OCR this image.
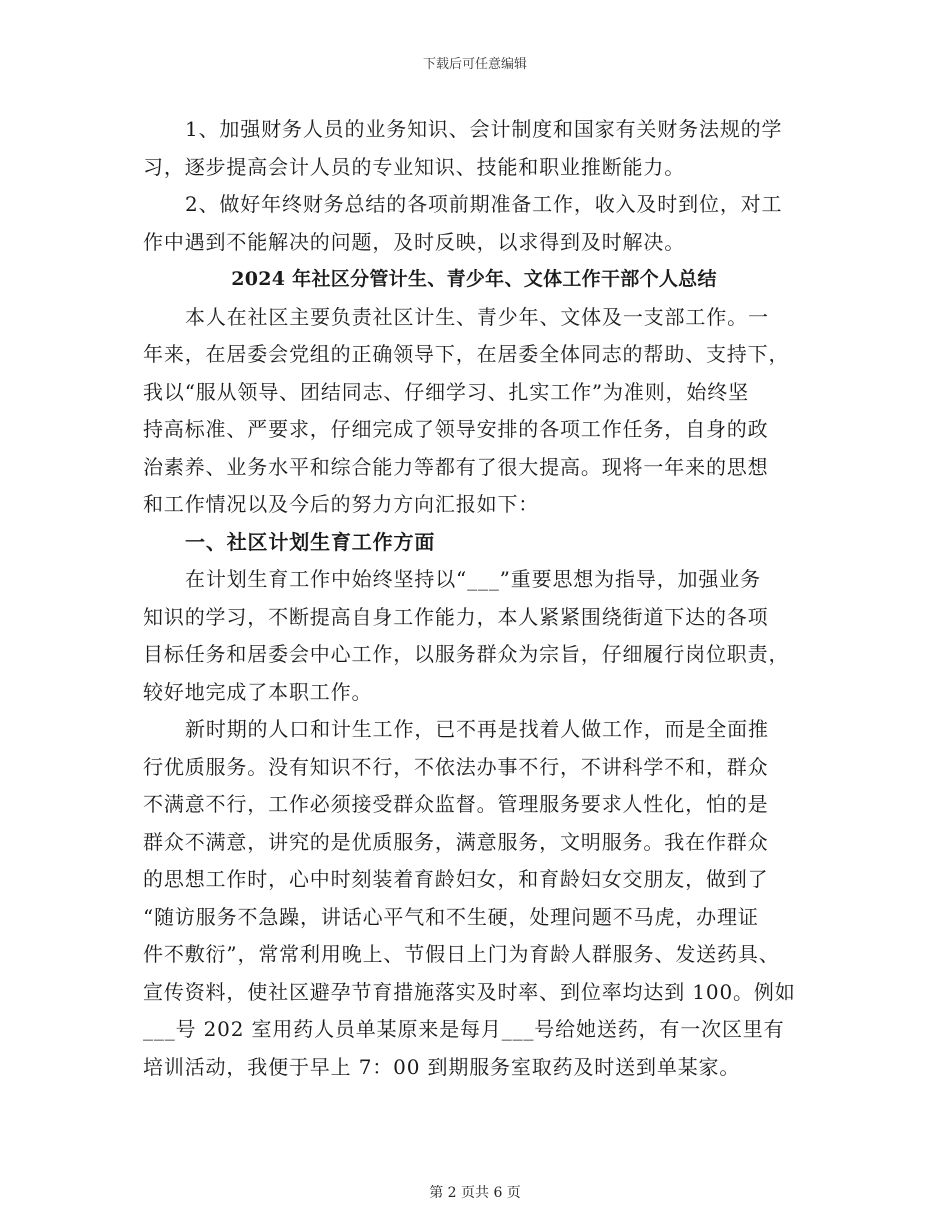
下载后可任意编辑

1、加强财务人员的业务知识、会计制度和国家有关财务法规的学
习，逐步提高会计人员的专业知识、技能和职业推断能力。

2、做好年终财务总结的各项前期准备工作，收入及时到位，对工
作中遇到不能解决的问题，及时反映，以求得到及时解决。

2024 年社区分管计生、青少年、文体工作干部个人总结

本人在社区主要负责社区计生、青少年、文体及一支部工作。一
年来，在居委会党组的正确领导下，在居委全体同志的帮助、支持下，
我以“服从领导、团结同志、仔细学习、扎实工作”为准则，始终坚
持高标准、严要求，仔细完成了领导安排的各项工作任务，自身的政
治素养、业务水平和综合能力等都有了很大提高。现将一年来的思想
和工作情况以及今后的努力方向汇报如下：

一、社区计划生育工作方面

在计划生育工作中始终坚持以“___”重要思想为指导，加强业务
知识的学习，不断提高自身工作能力，本人紧紧围绕街道下达的各项
目标任务和居委会中心工作，以服务群众为宗旨，仔细履行岗位职责，
较好地完成了本职工作。

新时期的人口和计生工作，已不再是找着人做工作，而是全面推
行优质服务。没有知识不行，不依法办事不行，不讲科学不和，群众
不满意不行，工作必须接受群众监督。管理服务要求人性化，怕的是
群众不满意，讲究的是优质服务，满意服务，文明服务。我在作群众
的思想工作时，心中时刻装着育龄妇女，和育龄妇女交朋友，做到了
“随访服务不急躁，讲话心平气和不生硬，处理问题不马虎，办理证
件不敷衍”，常常利用晚上、节假日上门为育龄人群服务、发送药具、
宣传资料，使社区避孕节育措施落实及时率、到位率均达到 100。例如
___号 202 室用药人员单某原来是每月___号给她送药，有一次区里有
培训活动，我便于早上 7：00 到期服务室取药及时送到单某家。

第 2 页共 6 页
